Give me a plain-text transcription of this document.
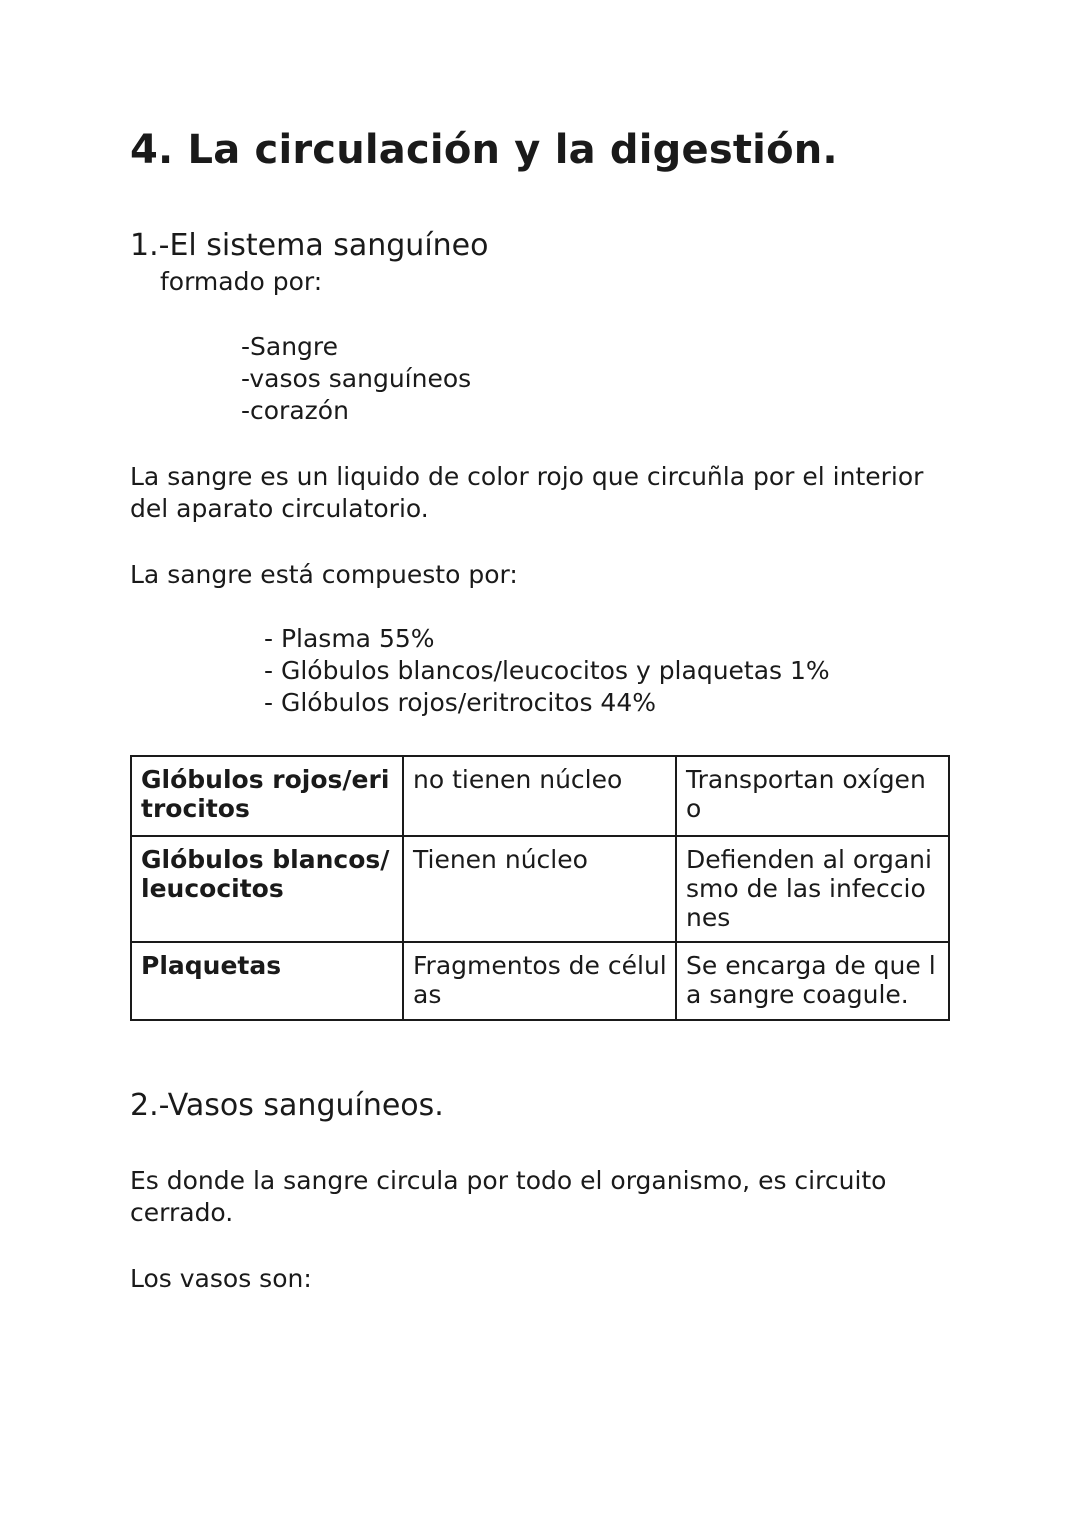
4. La circulación y la digestión.
1.-El sistema sanguíneo
formado por:
-Sangre
-vasos sanguíneos
-corazón

La sangre es un liquido de color rojo que circuñla por el interior del aparato circulatorio.

La sangre está compuesto por:

- Plasma 55%
- Glóbulos blancos/leucocitos y plaquetas 1%
- Glóbulos rojos/eritrocitos 44%
Glóbulos rojos/eritrocitos	no tienen núcleo	Transportan oxígeno
Glóbulos blancos/leucocitos	Tienen núcleo	Defienden al organismo de las infecciones
Plaquetas	Fragmentos de células	Se encarga de que la sangre coagule.
2.-Vasos sanguíneos.

Es donde la sangre circula por todo el organismo, es circuito cerrado.

Los vasos son:
